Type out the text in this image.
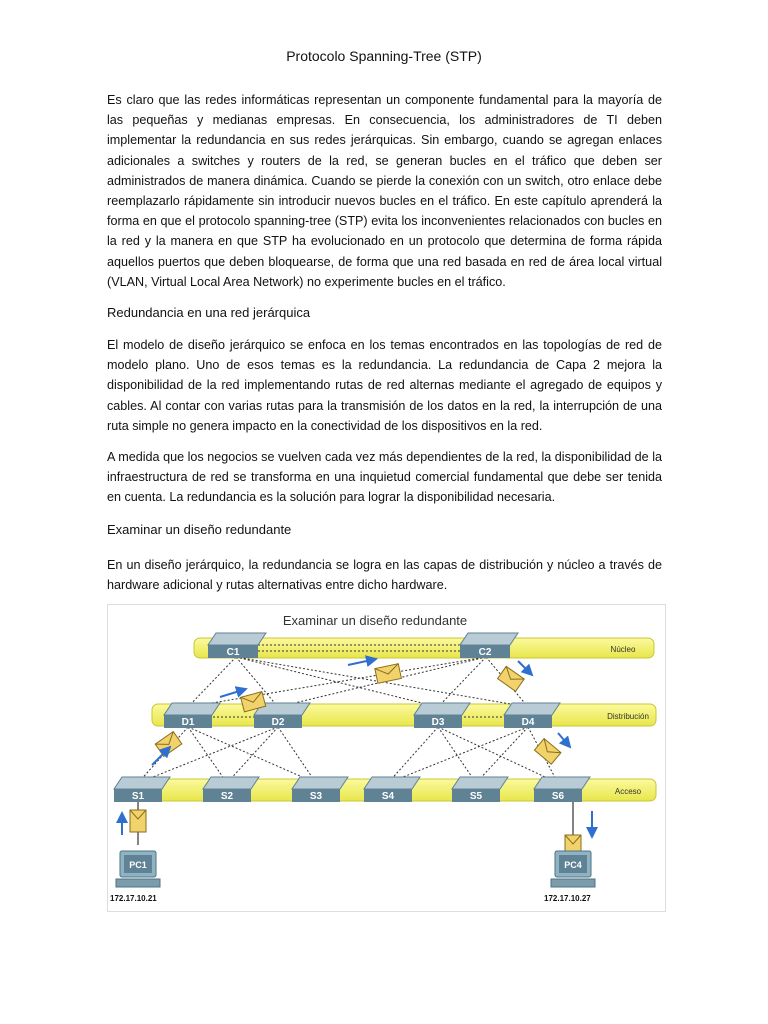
Protocolo Spanning-Tree (STP)

Es claro que las redes informáticas representan un componente fundamental para la mayoría de las pequeñas y medianas empresas. En consecuencia, los administradores de TI deben implementar la redundancia en sus redes jerárquicas. Sin embargo, cuando se agregan enlaces adicionales a switches y routers de la red, se generan bucles en el tráfico que deben ser administrados de manera dinámica. Cuando se pierde la conexión con un switch, otro enlace debe reemplazarlo rápidamente sin introducir nuevos bucles en el tráfico. En este capítulo aprenderá la forma en que el protocolo spanning-tree (STP) evita los inconvenientes relacionados con bucles en la red y la manera en que STP ha evolucionado en un protocolo que determina de forma rápida aquellos puertos que deben bloquearse, de forma que una red basada en red de área local virtual (VLAN, Virtual Local Area Network) no experimente bucles en el tráfico.

Redundancia en una red jerárquica

El modelo de diseño jerárquico se enfoca en los temas encontrados en las topologías de red de modelo plano. Uno de esos temas es la redundancia. La redundancia de Capa 2 mejora la disponibilidad de la red implementando rutas de red alternas mediante el agregado de equipos y cables. Al contar con varias rutas para la transmisión de los datos en la red, la interrupción de una ruta simple no genera impacto en la conectividad de los dispositivos en la red.

A medida que los negocios se vuelven cada vez más dependientes de la red, la disponibilidad de la infraestructura de red se transforma en una inquietud comercial fundamental que debe ser tenida en cuenta. La redundancia es la solución para lograr la disponibilidad necesaria.

Examinar un diseño redundante

En un diseño jerárquico, la redundancia se logra en las capas de distribución y núcleo a través de hardware adicional y rutas alternativas entre dicho hardware.

Examinar un diseño redundante
Núcleo
Distribución
Acceso
C1	C2
D1	D2	D3	D4
S1	S2	S3	S4	S5	S6
PC1
172.17.10.21
PC4
172.17.10.27
